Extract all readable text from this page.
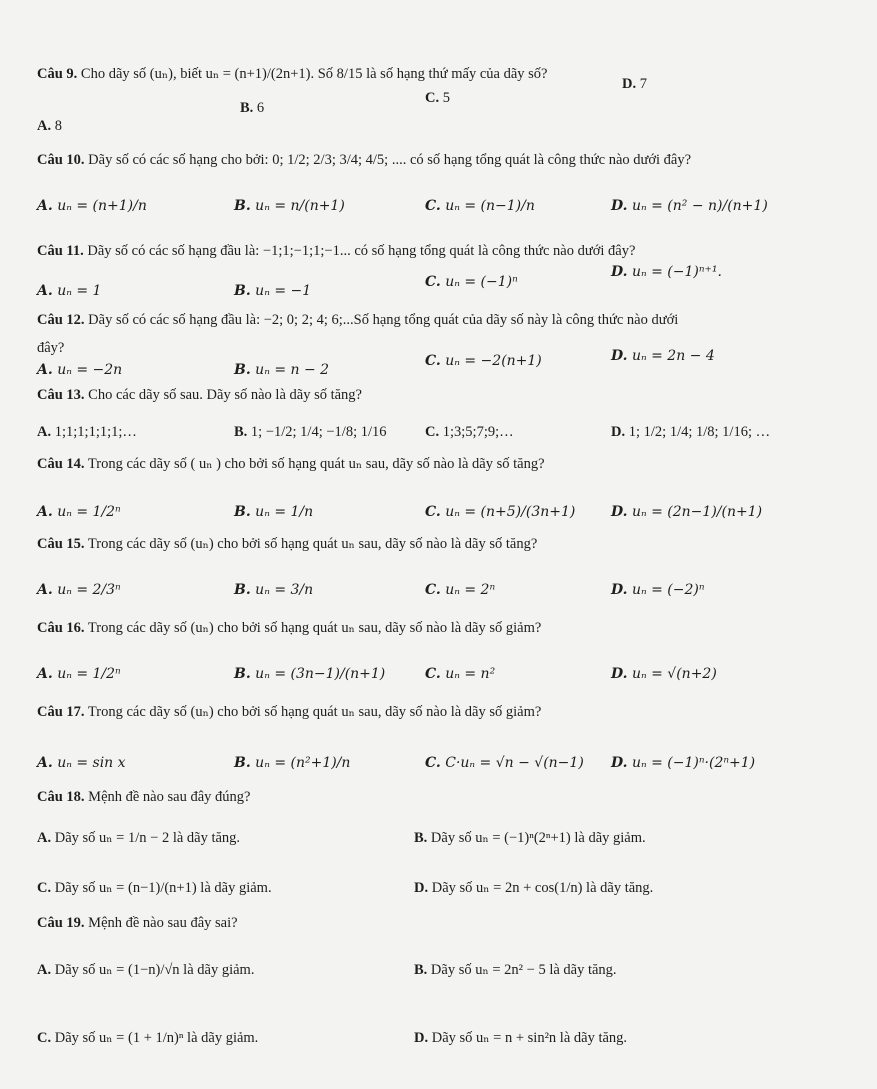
Câu 9. Cho dãy số (uₙ), biết uₙ = (n+1)/(2n+1). Số 8/15 là số hạng thứ mấy của dãy số?
A. 8
B. 6
C. 5
D. 7
Câu 10. Dãy số có các số hạng cho bởi: 0; 1/2; 2/3; 3/4; 4/5; .... có số hạng tổng quát là công thức nào dưới đây?
A. uₙ = (n+1)/n	B. uₙ = n/(n+1)	C. uₙ = (n−1)/n	D. uₙ = (n² − n)/(n+1)
Câu 11. Dãy số có các số hạng đầu là: −1;1;−1;1;−1... có số hạng tổng quát là công thức nào dưới đây?
A. uₙ = 1	B. uₙ = −1
C. uₙ = (−1)ⁿ
D. uₙ = (−1)ⁿ⁺¹.
Câu 12. Dãy số có các số hạng đầu là: −2; 0; 2; 4; 6;...Số hạng tổng quát của dãy số này là công thức nào dưới
đây?
A. uₙ = −2n	B. uₙ = n − 2
C. uₙ = −2(n+1)	D. uₙ = 2n − 4
Câu 13. Cho các dãy số sau. Dãy số nào là dãy số tăng?
A. 1;1;1;1;1;1;…	B. 1; −1/2; 1/4; −1/8; 1/16	C. 1;3;5;7;9;…	D. 1; 1/2; 1/4; 1/8; 1/16; …
Câu 14. Trong các dãy số ( uₙ ) cho bởi số hạng quát uₙ sau, dãy số nào là dãy số tăng?
A. uₙ = 1/2ⁿ	B. uₙ = 1/n	C. uₙ = (n+5)/(3n+1)	D. uₙ = (2n−1)/(n+1)
Câu 15. Trong các dãy số (uₙ) cho bởi số hạng quát uₙ sau, dãy số nào là dãy số tăng?
A. uₙ = 2/3ⁿ	B. uₙ = 3/n	C. uₙ = 2ⁿ	D. uₙ = (−2)ⁿ
Câu 16. Trong các dãy số (uₙ) cho bởi số hạng quát uₙ sau, dãy số nào là dãy số giảm?
A. uₙ = 1/2ⁿ	B. uₙ = (3n−1)/(n+1)	C. uₙ = n²	D. uₙ = √(n+2)
Câu 17. Trong các dãy số (uₙ) cho bởi số hạng quát uₙ sau, dãy số nào là dãy số giảm?
A. uₙ = sin x	B. uₙ = (n²+1)/n	C. C·uₙ = √n − √(n−1) D. uₙ = (−1)ⁿ·(2ⁿ+1)
Câu 18. Mệnh đề nào sau đây đúng?
A. Dãy số uₙ = 1/n − 2 là dãy tăng.	B. Dãy số uₙ = (−1)ⁿ(2ⁿ+1) là dãy giảm.
C. Dãy số uₙ = (n−1)/(n+1) là dãy giảm.	D. Dãy số uₙ = 2n + cos(1/n) là dãy tăng.
Câu 19. Mệnh đề nào sau đây sai?
A. Dãy số uₙ = (1−n)/√n là dãy giảm.	B. Dãy số uₙ = 2n² − 5 là dãy tăng.
C. Dãy số uₙ = (1 + 1/n)ⁿ là dãy giảm.	D. Dãy số uₙ = n + sin²n là dãy tăng.
